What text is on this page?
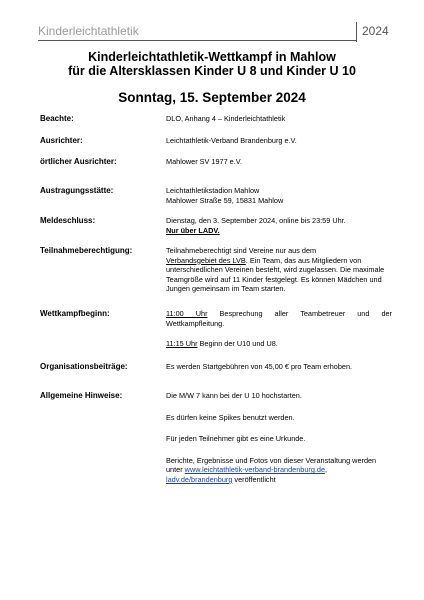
Kinderleichtathletik	2024
Kinderleichtathletik-Wettkampf in Mahlow
für die Altersklassen Kinder U 8 und Kinder U 10
Sonntag, 15. September 2024
Beachte:	DLO, Anhang 4 – Kinderleichtathletik
Ausrichter:	Leichtathletik-Verband Brandenburg e.V.
örtlicher Ausrichter:	Mahlower SV 1977 e.V.
Austragungsstätte:	Leichtathletikstadion Mahlow

Mahlower Straße 59, 15831 Mahlow

Meldeschluss:	Dienstag, den 3. September 2024, online bis 23:59 Uhr.

Nur über LADV.

Teilnahmeberechtigung:	Teilnahmeberechtigt sind Vereine nur aus dem
Verbandsgebiet des LVB. Ein Team, das aus Mitgliedern von unterschiedlichen Vereinen besteht, wird zugelassen. Die maximale Teamgröße wird auf 11 Kinder festgelegt. Es können Mädchen und Jungen gemeinsam im Team starten.

Wettkampfbeginn:	11:00 Uhr Besprechung aller Teambetreuer und der Wettkampfleitung.

11:15 Uhr Beginn der U10 und U8.

Organisationsbeiträge:	Es werden Startgebühren von 45,00 € pro Team erhoben.
Allgemeine Hinweise:	Die M/W 7 kann bei der U 10 hochstarten.

Es dürfen keine Spikes benutzt werden.

Für jeden Teilnehmer gibt es eine Urkunde.

Berichte, Ergebnisse und Fotos von dieser Veranstaltung werden unter www.leichtathletik-verband-brandenburg.de, ladv.de/brandenburg veröffentlicht
